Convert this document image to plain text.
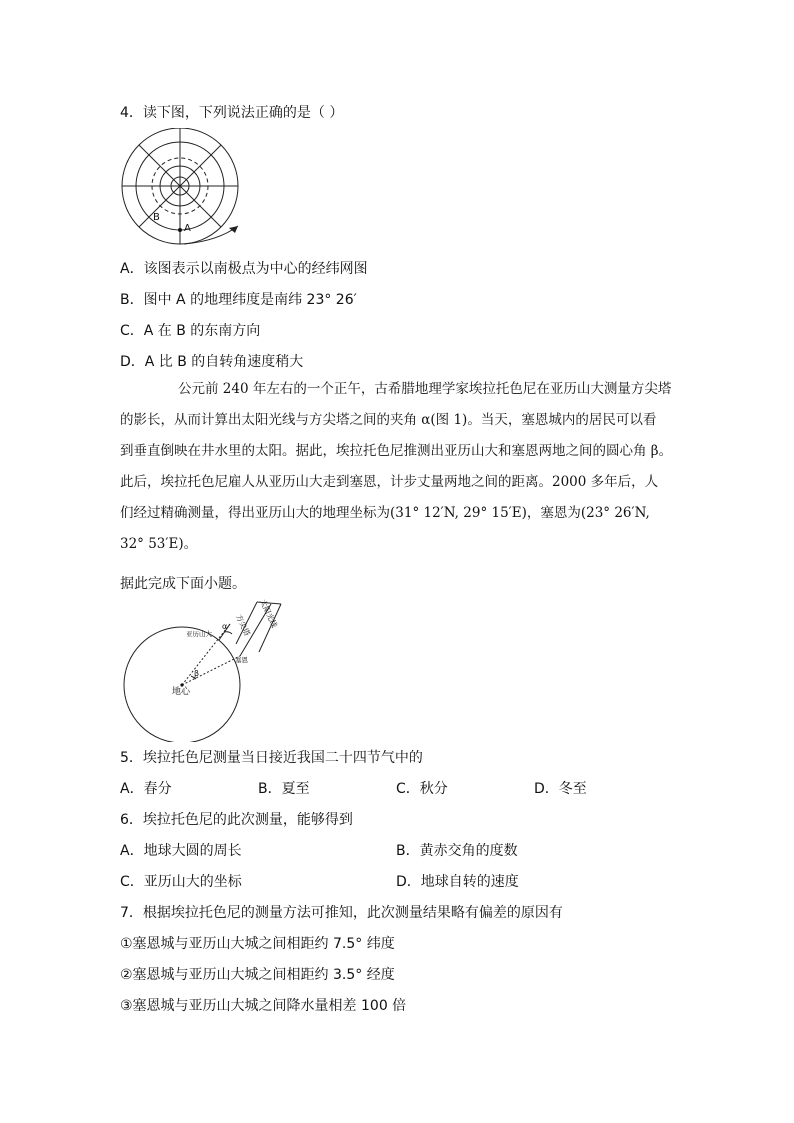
4．读下图，下列说法正确的是（ ）
B
A
A．该图表示以南极点为中心的经纬网图
B．图中 A 的地理纬度是南纬 23° 26′
C．A 在 B 的东南方向
D．A 比 B 的自转角速度稍大
公元前 240 年左右的一个正午，古希腊地理学家埃拉托色尼在亚历山大测量方尖塔
的影长，从而计算出太阳光线与方尖塔之间的夹角 α(图 1)。当天，塞恩城内的居民可以看
到垂直倒映在井水里的太阳。据此，埃拉托色尼推测出亚历山大和塞恩两地之间的圆心角 β。
此后，埃拉托色尼雇人从亚历山大走到塞恩，计步丈量两地之间的距离。2000 多年后，人
们经过精确测量，得出亚历山大的地理坐标为(31° 12′N, 29° 15′E)，塞恩为(23° 26′N,
32° 53′E)。
据此完成下面小题。
太阳光线
方尖塔
亚历山大
塞恩
α
β
地心
5．埃拉托色尼测量当日接近我国二十四节气中的
A．春分	B．夏至	C．秋分	D．冬至
6．埃拉托色尼的此次测量，能够得到
A．地球大圆的周长	B．黄赤交角的度数
C．亚历山大的坐标	D．地球自转的速度
7．根据埃拉托色尼的测量方法可推知，此次测量结果略有偏差的原因有
①塞恩城与亚历山大城之间相距约 7.5° 纬度
②塞恩城与亚历山大城之间相距约 3.5° 经度
③塞恩城与亚历山大城之间降水量相差 100 倍
